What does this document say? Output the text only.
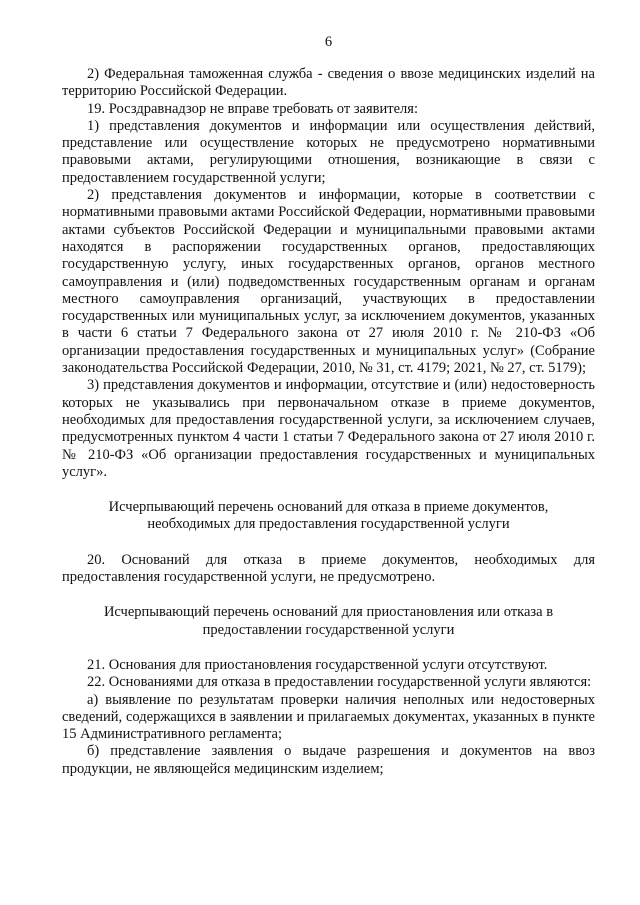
6

2) Федеральная таможенная служба - сведения о ввозе медицинских изделий на территорию Российской Федерации.

19. Росздравнадзор не вправе требовать от заявителя:

1) представления документов и информации или осуществления действий, представление или осуществление которых не предусмотрено нормативными правовыми актами, регулирующими отношения, возникающие в связи с предоставлением государственной услуги;

2) представления документов и информации, которые в соответствии с нормативными правовыми актами Российской Федерации, нормативными правовыми актами субъектов Российской Федерации и муниципальными правовыми актами находятся в распоряжении государственных органов, предоставляющих государственную услугу, иных государственных органов, органов местного самоуправления и (или) подведомственных государственным органам и органам местного самоуправления организаций, участвующих в предоставлении государственных или муниципальных услуг, за исключением документов, указанных в части 6 статьи 7 Федерального закона от 27 июля 2010 г. № 210-ФЗ «Об организации предоставления государственных и муниципальных услуг» (Собрание законодательства Российской Федерации, 2010, № 31, ст. 4179; 2021, № 27, ст. 5179);

3) представления документов и информации, отсутствие и (или) недостоверность которых не указывались при первоначальном отказе в приеме документов, необходимых для предоставления государственной услуги, за исключением случаев, предусмотренных пунктом 4 части 1 статьи 7 Федерального закона от 27 июля 2010 г. № 210-ФЗ «Об организации предоставления государственных и муниципальных услуг».

Исчерпывающий перечень оснований для отказа в приеме документов, необходимых для предоставления государственной услуги

20. Оснований для отказа в приеме документов, необходимых для предоставления государственной услуги, не предусмотрено.

Исчерпывающий перечень оснований для приостановления или отказа в предоставлении государственной услуги

21. Основания для приостановления государственной услуги отсутствуют.

22. Основаниями для отказа в предоставлении государственной услуги являются:

а) выявление по результатам проверки наличия неполных или недостоверных сведений, содержащихся в заявлении и прилагаемых документах, указанных в пункте 15 Административного регламента;

б) представление заявления о выдаче разрешения и документов на ввоз продукции, не являющейся медицинским изделием;
